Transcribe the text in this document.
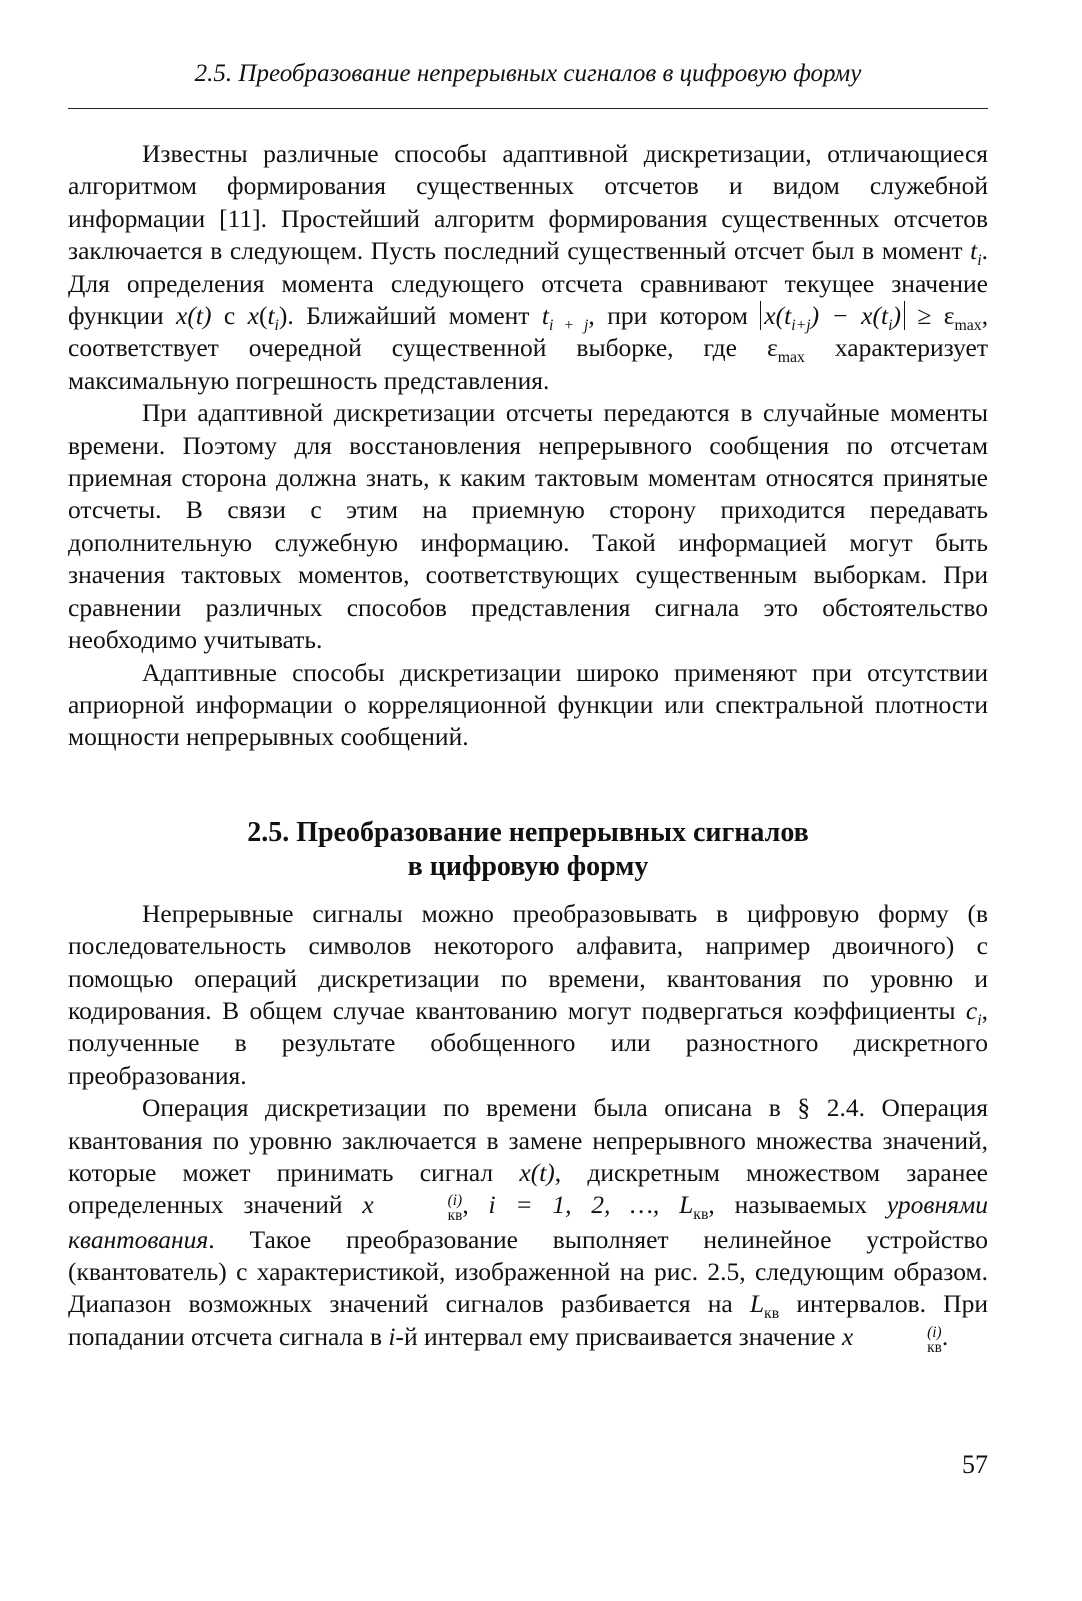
2.5. Преобразование непрерывных сигналов в цифровую форму

Известны различные способы адаптивной дискретизации, отличающиеся алгоритмом формирования существенных отсчетов и видом служебной информации [11]. Простейший алгоритм формирования существенных отсчетов заключается в следующем. Пусть последний существенный отсчет был в момент $t_i$. Для определения момента следующего отсчета сравнивают текущее значение функции x(t) с $x(t_i)$. Ближайший момент $t_{i + j}$, при котором $x(t_{i+j}) - x(t_i) \ge \varepsilon_{max}$, соответствует очередной существенной выборке, где $\varepsilon_{max}$ характеризует максимальную погрешность представления.

При адаптивной дискретизации отсчеты передаются в случайные моменты времени. Поэтому для восстановления непрерывного сообщения по отсчетам приемная сторона должна знать, к каким тактовым моментам относятся принятые отсчеты. В связи с этим на приемную сторону приходится передавать дополнительную служебную информацию. Такой информацией могут быть значения тактовых моментов, соответствующих существенным выборкам. При сравнении различных способов представления сигнала это обстоятельство необходимо учитывать.

Адаптивные способы дискретизации широко применяют при отсутствии априорной информации о корреляционной функции или спектральной плотности мощности непрерывных сообщений.

2.5. Преобразование непрерывных сигналов
в цифровую форму

Непрерывные сигналы можно преобразовывать в цифровую форму (в последовательность символов некоторого алфавита, например двоичного) с помощью операций дискретизации по времени, квантования по уровню и кодирования. В общем случае квантованию могут подвергаться коэффициенты $c_i$, полученные в результате обобщенного или разностного дискретного преобразования.

Операция дискретизации по времени была описана в § 2.4. Операция квантования по уровню заключается в замене непрерывного множества значений, которые может принимать сигнал x(t), дискретным множеством заранее определенных значений x	(i)
кв , i = 1, 2, …, $L_{кв}$, называемых уровнями квантования. Такое преобразование выполняет нелинейное устройство (квантователь) с характеристикой, изображенной на рис. 2.5, следующим образом. Диапазон возможных значений сигналов разбивается на $L_{кв}$ интервалов. При попадании отсчета сигнала в i-й интервал ему присваивается значение x	(i)
кв .

57
